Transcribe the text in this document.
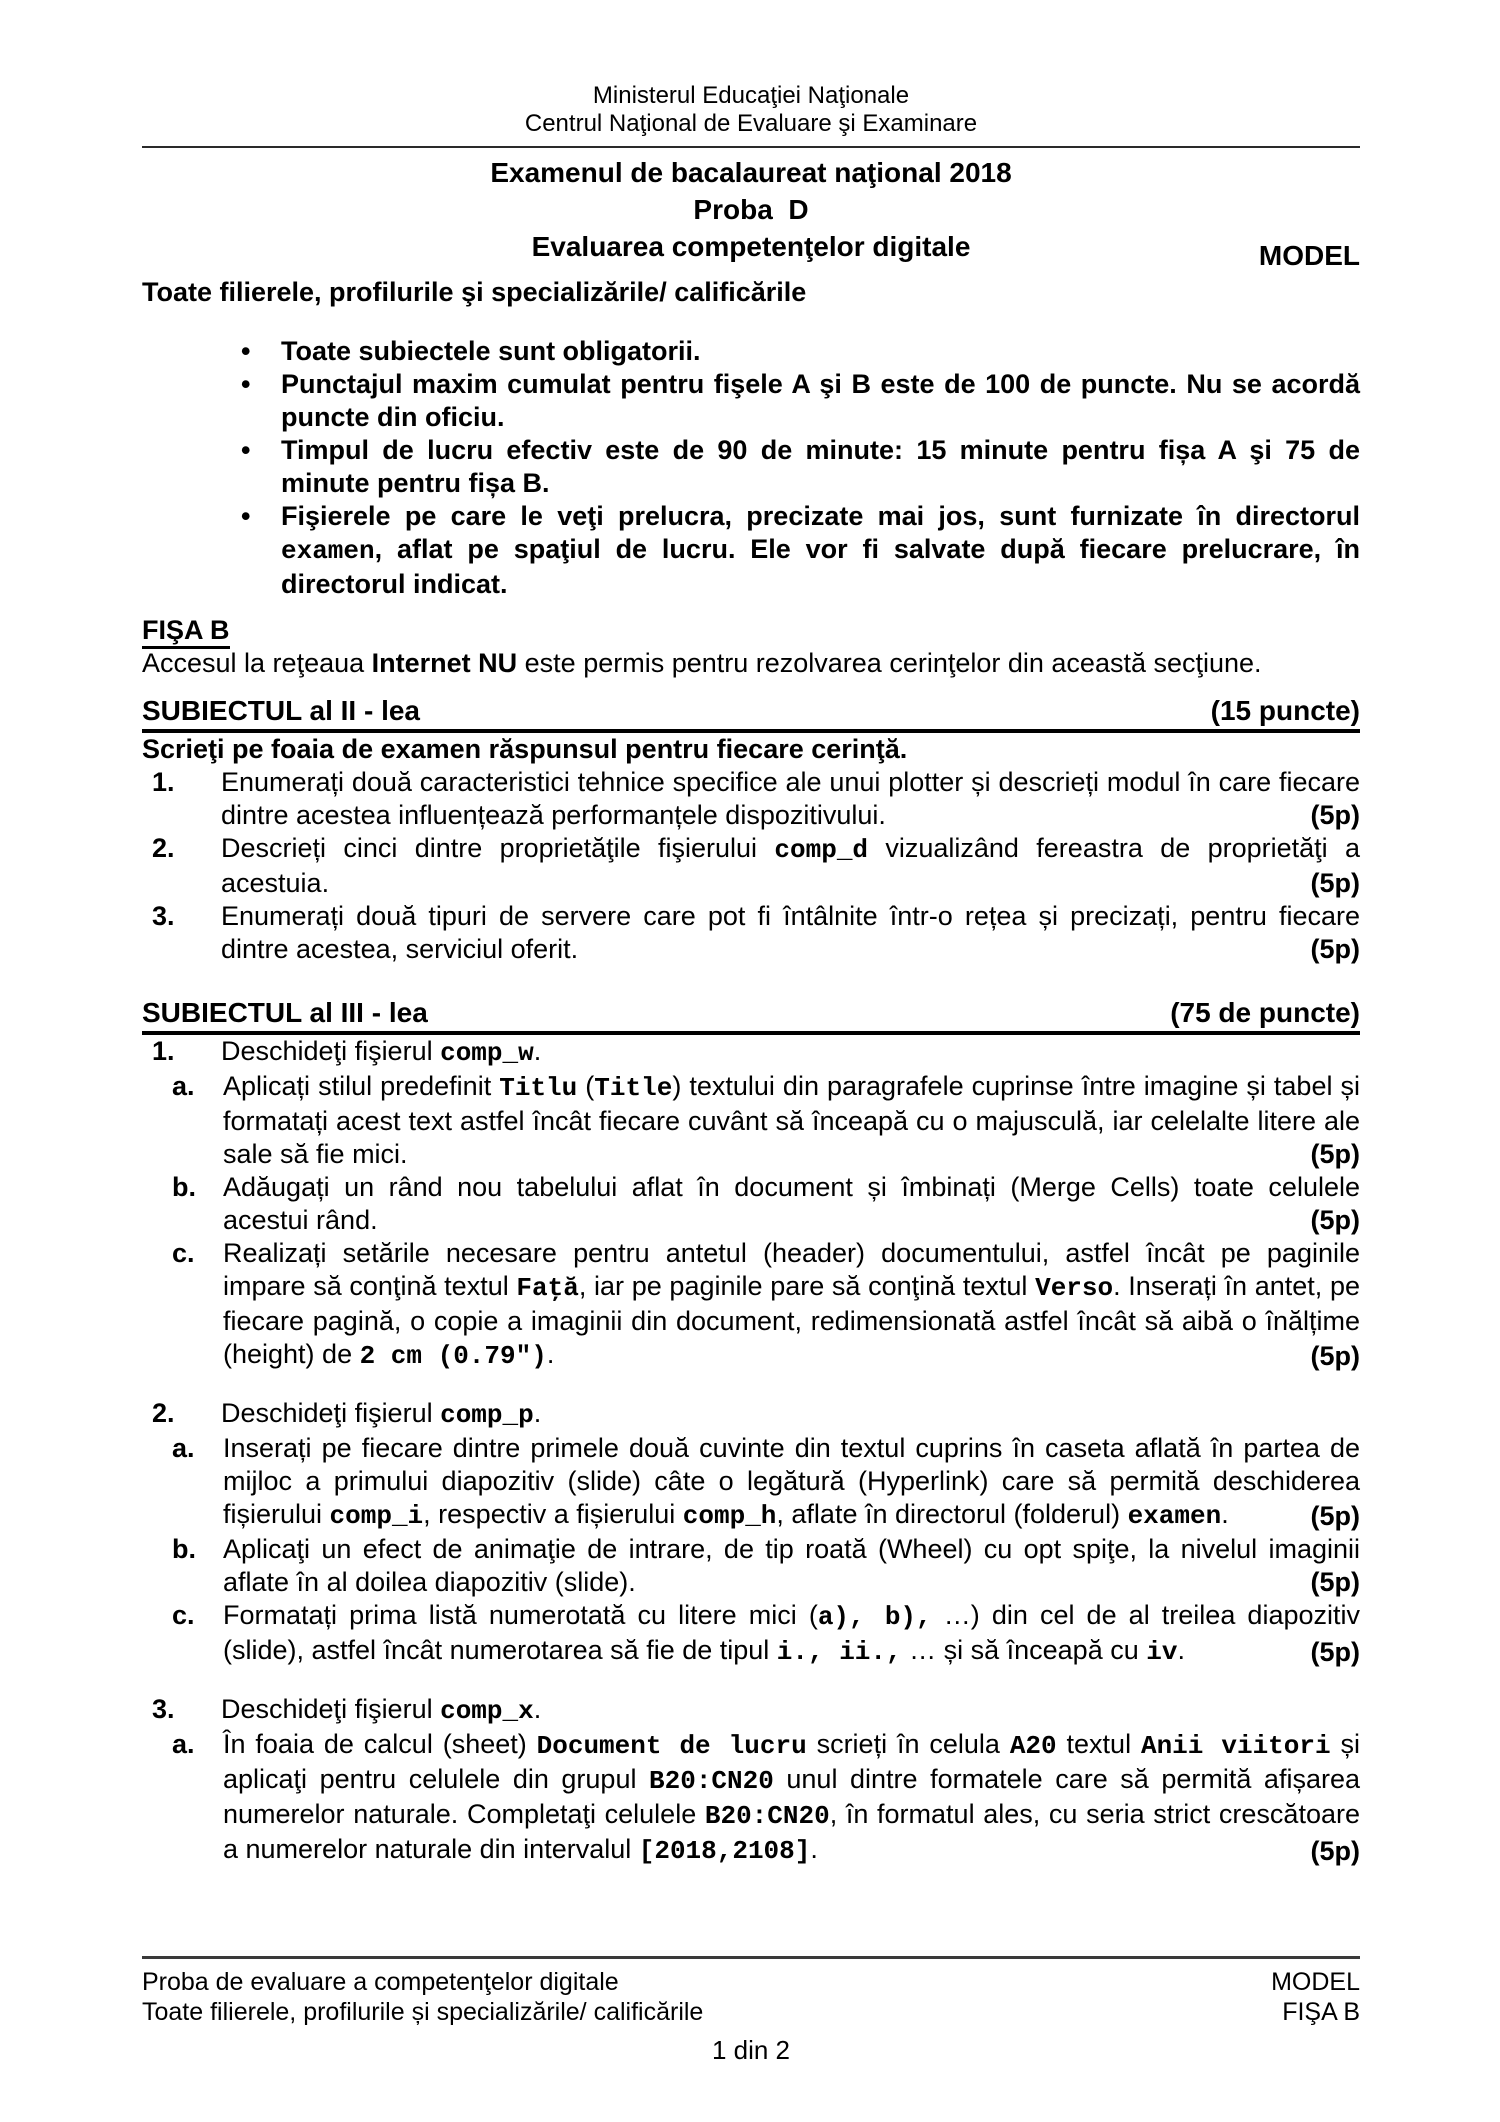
Ministerul Educaţiei Naţionale
Centrul Naţional de Evaluare şi Examinare
Examenul de bacalaureat naţional 2018
Proba  D
Evaluarea competenţelor digitale	MODEL
Toate filierele, profilurile şi specializările/ calificările
•	Toate subiectele sunt obligatorii.
•	Punctajul maxim cumulat pentru fişele A şi B este de 100 de puncte. Nu se acordă puncte din oficiu.
•	Timpul de lucru efectiv este de 90 de minute: 15 minute pentru fișa A şi 75 de minute pentru fișa B.
•	Fişierele pe care le veţi prelucra, precizate mai jos, sunt furnizate în directorul examen, aflat pe spaţiul de lucru. Ele vor fi salvate după fiecare prelucrare, în directorul indicat.
FIŞA B
Accesul la reţeaua Internet NU este permis pentru rezolvarea cerinţelor din această secţiune.
SUBIECTUL al II - lea	(15 puncte)
Scrieţi pe foaia de examen răspunsul pentru fiecare cerinţă.
1.	Enumerați două caracteristici tehnice specifice ale unui plotter și descrieți modul în care fiecare dintre acestea influențează performanțele dispozitivului.	(5p)
2.	Descrieți cinci dintre proprietăţile fişierului comp_d vizualizând fereastra de proprietăţi a acestuia.	(5p)
3.	Enumerați două tipuri de servere care pot fi întâlnite într-o rețea și precizați, pentru fiecare dintre acestea, serviciul oferit.	(5p)
SUBIECTUL al III - lea	(75 de puncte)
1.	Deschideţi fişierul comp_w.
a.	Aplicați stilul predefinit Titlu (Title) textului din paragrafele cuprinse între imagine și tabel și formatați acest text astfel încât fiecare cuvânt să înceapă cu o majusculă, iar celelalte litere ale sale să fie mici.	(5p)
b.	Adăugați un rând nou tabelului aflat în document și îmbinați (Merge Cells) toate celulele acestui rând.	(5p)
c.	Realizați setările necesare pentru antetul (header) documentului, astfel încât pe paginile impare să conţină textul Faţă, iar pe paginile pare să conţină textul Verso. Inserați în antet, pe fiecare pagină, o copie a imaginii din document, redimensionată astfel încât să aibă o înălțime (height) de 2 cm (0.79″).	(5p)
2.	Deschideţi fişierul comp_p.
a.	Inserați pe fiecare dintre primele două cuvinte din textul cuprins în caseta aflată în partea de mijloc a primului diapozitiv (slide) câte o legătură (Hyperlink) care să permită deschiderea fișierului comp_i, respectiv a fișierului comp_h, aflate în directorul (folderul) examen.	(5p)
b.	Aplicaţi un efect de animaţie de intrare, de tip roată (Wheel) cu opt spiţe, la nivelul imaginii aflate în al doilea diapozitiv (slide).	(5p)
c.	Formatați prima listă numerotată cu litere mici (a), b), …) din cel de al treilea diapozitiv (slide), astfel încât numerotarea să fie de tipul i., ii., … și să înceapă cu iv.	(5p)
3.	Deschideţi fişierul comp_x.
a.	În foaia de calcul (sheet) Document de lucru scrieți în celula A20 textul Anii viitori și aplicaţi pentru celulele din grupul B20:CN20 unul dintre formatele care să permită afișarea numerelor naturale. Completaţi celulele B20:CN20, în formatul ales, cu seria strict crescătoare a numerelor naturale din intervalul [2018,2108].	(5p)
Proba de evaluare a competenţelor digitale
Toate filierele, profilurile și specializările/ calificările
MODEL
FIŞA B
1 din 2
